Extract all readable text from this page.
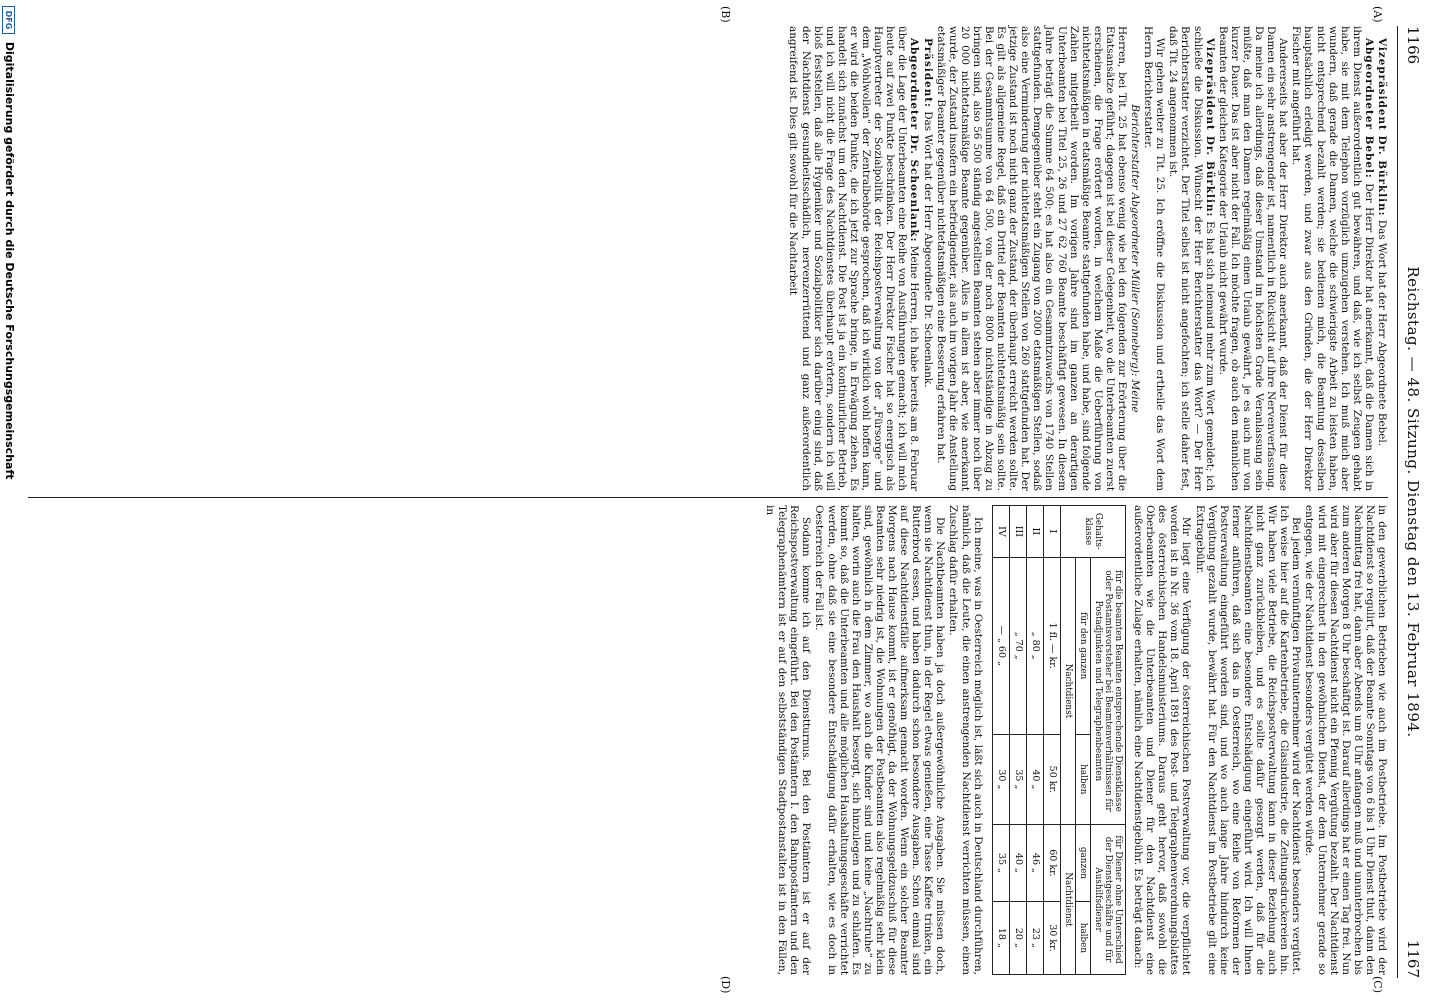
1166
Reichstag. — 48. Sitzung. Dienstag den 13. Februar 1894.
1167
(A)
(B)
(C)
(D)

Vizepräsident Dr. Bürklin: Das Wort hat der Herr Abgeordnete Bebel.

Abgeordneter Bebel: Der Herr Direktor hat anerkannt, daß die Damen sich in ihrem Dienst außerordentlich gut bewähren, und daß, wie ich selbst Zeugen gehabt habe, sie mit dem Telephon vorzüglich umzugehen verstehen. Ich muß mich aber wundern, daß gerade die Damen, welche die schwierigste Arbeit zu leisten haben, nicht entsprechend bezahlt werden; sie bedienen mich, die Beamtung desselben hauptsächlich erledigt werden, und zwar aus den Gründen, die der Herr Direktor Fischer mit angeführt hat.

Andererseits hat aber der Herr Direktor auch anerkannt, daß der Dienst für diese Damen ein sehr anstrengender ist, namentlich in Rücksicht auf ihre Nervenverfassung. Da meine ich allerdings, daß dieser Umstand im höchsten Grade Veranlassung sein müßte, daß man den Damen regelmäßig einen Urlaub gewährt, je es auch nur von kurzer Dauer. Das ist aber nicht der Fall. Ich möchte fragen, ob auch den männlichen Beamten der gleichen Kategorie der Urlaub nicht gewährt wurde.

Vizepräsident Dr. Bürklin: Es hat sich niemand mehr zum Wort gemeldet; ich schließe die Diskussion. Wünscht der Herr Berichterstatter das Wort? — Der Herr Berichterstatter verzichtet. Der Titel selbst ist nicht angefochten; ich stelle daher fest, daß Tit. 24 angenommen ist.

Wir gehen weiter zu Tit. 25. Ich eröffne die Diskussion und ertheile das Wort dem Herrn Berichterstatter.

Berichterstatter Abgeordneter Müller (Sonneberg): Meine

Herren, bei Tit. 25 hat ebenso wenig wie bei den folgenden zur Erörterung über die Etatsansätze geführt; dagegen ist bei dieser Gelegenheit, wo die Unterbeamten zuerst erscheinen, die Frage erörtert worden, in welchem Maße die Ueberführung von nichtetatsmäßigen in etatsmäßige Beamte stattgefunden habe, und habe, sind folgende Zahlen mitgetheilt worden. Im vorigen Jahre sind im ganzen an derartigen Unterbeamten bei Titel 25, 26 und 27 62 760 Beamte beschäftigt gewesen. In diesem Jahre beträgt die Summe 64 500; es hat also ein Gesammtzuwachs von 1740 Stellen stattgefunden. Demgegenüber steht ein Zugang von 2000 etatsmäßigen Stellen, sodaß also eine Verminderung der nichtetatsmäßigen Stellen von 260 stattgefunden hat. Der jetzige Zustand ist noch nicht ganz der Zustand, der überhaupt erreicht werden sollte. Es gilt als allgemeine Regel, daß ein Drittel der Beamten nichtetatsmäßig sein sollte. Bei der Gesammtsumme von 64 500, von der noch 8000 nichtständige in Abzug zu bringen sind, also 56 500 ständig angestellten Beamten stehen aber immer noch über 20 000 nichtetatsmäßige Beamte gegenüber. Alles in allem ist aber, wie anerkannt wurde, der Zustand insofern ein befriedigender, als auch im vorigen Jahr die Anstellung etatsmäßiger Beamter gegenüber nichtetatsmäßigen eine Besserung erfahren hat.

Präsident: Das Wort hat der Herr Abgeordnete Dr. Schoenlank.

Abgeordneter Dr. Schoenlank: Meine Herren, ich habe bereits am 8. Februar über die Lage der Unterbeamten eine Reihe von Ausführungen gemacht; ich will mich heute auf zwei Punkte beschränken. Der Herr Direktor Fischer hat so energisch als Hauptvertreter der Sozialpolitik der Reichspostverwaltung von der „Fürsorge“ und dem „Wohlwollen“ der Zentralbehörde gesprochen, daß ich wirklich wohl hoffen kann, er wird die beiden Punkte, die ich jetzt zur Sprache bringe, in Erwägung ziehen. Es handelt sich zunächst um den Nachtdienst. Die Post ist ja ein kontinuirlicher Betrieb, und ich will nicht die Frage des Nachtdienstes überhaupt erörtern, sondern ich will bloß feststellen, daß alle Hygieniker und Sozialpolitiker sich darüber einig sind, daß der Nachtdienst gesundheitsschädlich, nervenzerrüttend und ganz außerordentlich angreifend ist. Dies gilt sowohl für die Nachtarbeit

in den gewerblichen Betrieben wie auch im Postbetriebe. Im Postbetriebe wird der Nachtdienst so regulirt, daß der Beamte Sonntags von 6 bis 1 Uhr Dienst thut, dann den Nachmittag frei hat, dann aber Abends um 8 Uhr anfangen muß und ununterbrochen bis zum anderen Morgen 8 Uhr beschäftigt ist. Darauf allerdings hat er einen Tag frei. Nun wird aber für diesen Nachtdienst nicht ein Pfennig Vergütung bezahlt. Der Nachtdienst wird mit eingerechnet in den gewöhnlichen Dienst, der dem Unternehmer gerade so entgegen, wie der Nachtdienst besonders vergütet werden würde.

Bei jedem vernünftigen Privatunternehmer wird der Nachtdienst besonders vergütet. Ich weise hier auf die Kartenbetriebe, die Glasindustrie, die Zeitungsdruckereien hin. Wir haben viele Betriebe, die Reichspostverwaltung kann in dieser Beziehung auch nicht ganz zurückbleiben, und es sollte dafür gesorgt werden, daß für die Nachtdienstbeamten eine besondere Entschädigung eingeführt wird. Ich will Ihnen ferner anführen, daß sich das in Oesterreich, wo eine Reihe von Reformen der Postverwaltung eingeführt worden sind, und wo auch lange Jahre hindurch keine Vergütung gezahlt wurde, bewährt hat. Für den Nachtdienst im Postbetriebe gilt eine Extragebühr.

Mir liegt eine Verfügung der österreichischen Postverwaltung vor, die verpflichtet worden ist in Nr. 36 vom 18. April 1891 des Post- und Telegraphenverordnungsblattes des österreichischen Handelsministeriums. Daraus geht hervor, daß sowohl die Oberbeamten wie die Unterbeamten und Diener für den Nachtdienst eine außerordentliche Zulage erhalten, nämlich eine Nachtdienstgebühr. Es beträgt danach:

Gehalts-klasse	für die beamten Beamten entsprechende Dienstklasse oder Postamtsvorsteher bei Beamtenverhältnissen für Postadjunkten und Telegraphenbeamten		für Diener ohne Unterschied der Dienstgeschäfte und für Aushilfsdiener	
	für den ganzen	halben	ganzen	halben
	Nachtdienst		Nachtdienst	
I	1 fl. — kr.	50 kr.	60 kr.	30 kr.
II	„ 80 „	40 „	46 „	23 „
III	„ 70 „	35 „	40 „	20 „
IV	— „ 60 „	30 „	35 „	18 „

Ich meine, was in Oesterreich möglich ist, läßt sich auch in Deutschland durchführen, nämlich, daß die Leute, die einen anstrengenden Nachtdienst verrichten müssen, einen Zuschlag dafür erhalten.

Die Nachtbeamten haben ja doch außergewöhnliche Ausgaben. Sie müssen doch, wenn sie Nachtdienst thun, in der Regel etwas genießen, eine Tasse Kaffee trinken, ein Butterbrod essen, und haben dadurch schon besondere Ausgaben. Schon einmal sind auf diese Nachtdienstfälle aufmerksam gemacht worden. Wenn ein solcher Beamter Morgens nach Hause kommt, ist er genöthigt, da der Wohnungsgeldzuschuß für diese Beamten sehr niedrig ist, die Wohnungen der Postbeamten also regelmäßig sehr klein sind, gewöhnlich in dem Zimmer, wo auch die Kinder sind und keine „Nachtruhe“ zu halten, worin auch die Frau den Haushalt besorgt, sich hinzulegen und zu schlafen. Es kommt so, daß die Unterbeamten und alle möglichen Haushaltungsgeschäfte verrichtet werden, ohne daß sie eine besondere Entschädigung dafür erhalten, wie es doch in Oesterreich der Fall ist.

Sodann komme ich auf den Dienstturnus. Bei den Postämtern ist er auf der Reichspostverwaltung eingeführt. Bei den Postämtern I. den Bahnpostämtern und den Telegraphenämtern ist er auf den selbstständigen Stadtpostanstalten ist in den Fällen, in

DFG Digitalisierung gefördert durch die Deutsche Forschungsgemeinschaft
